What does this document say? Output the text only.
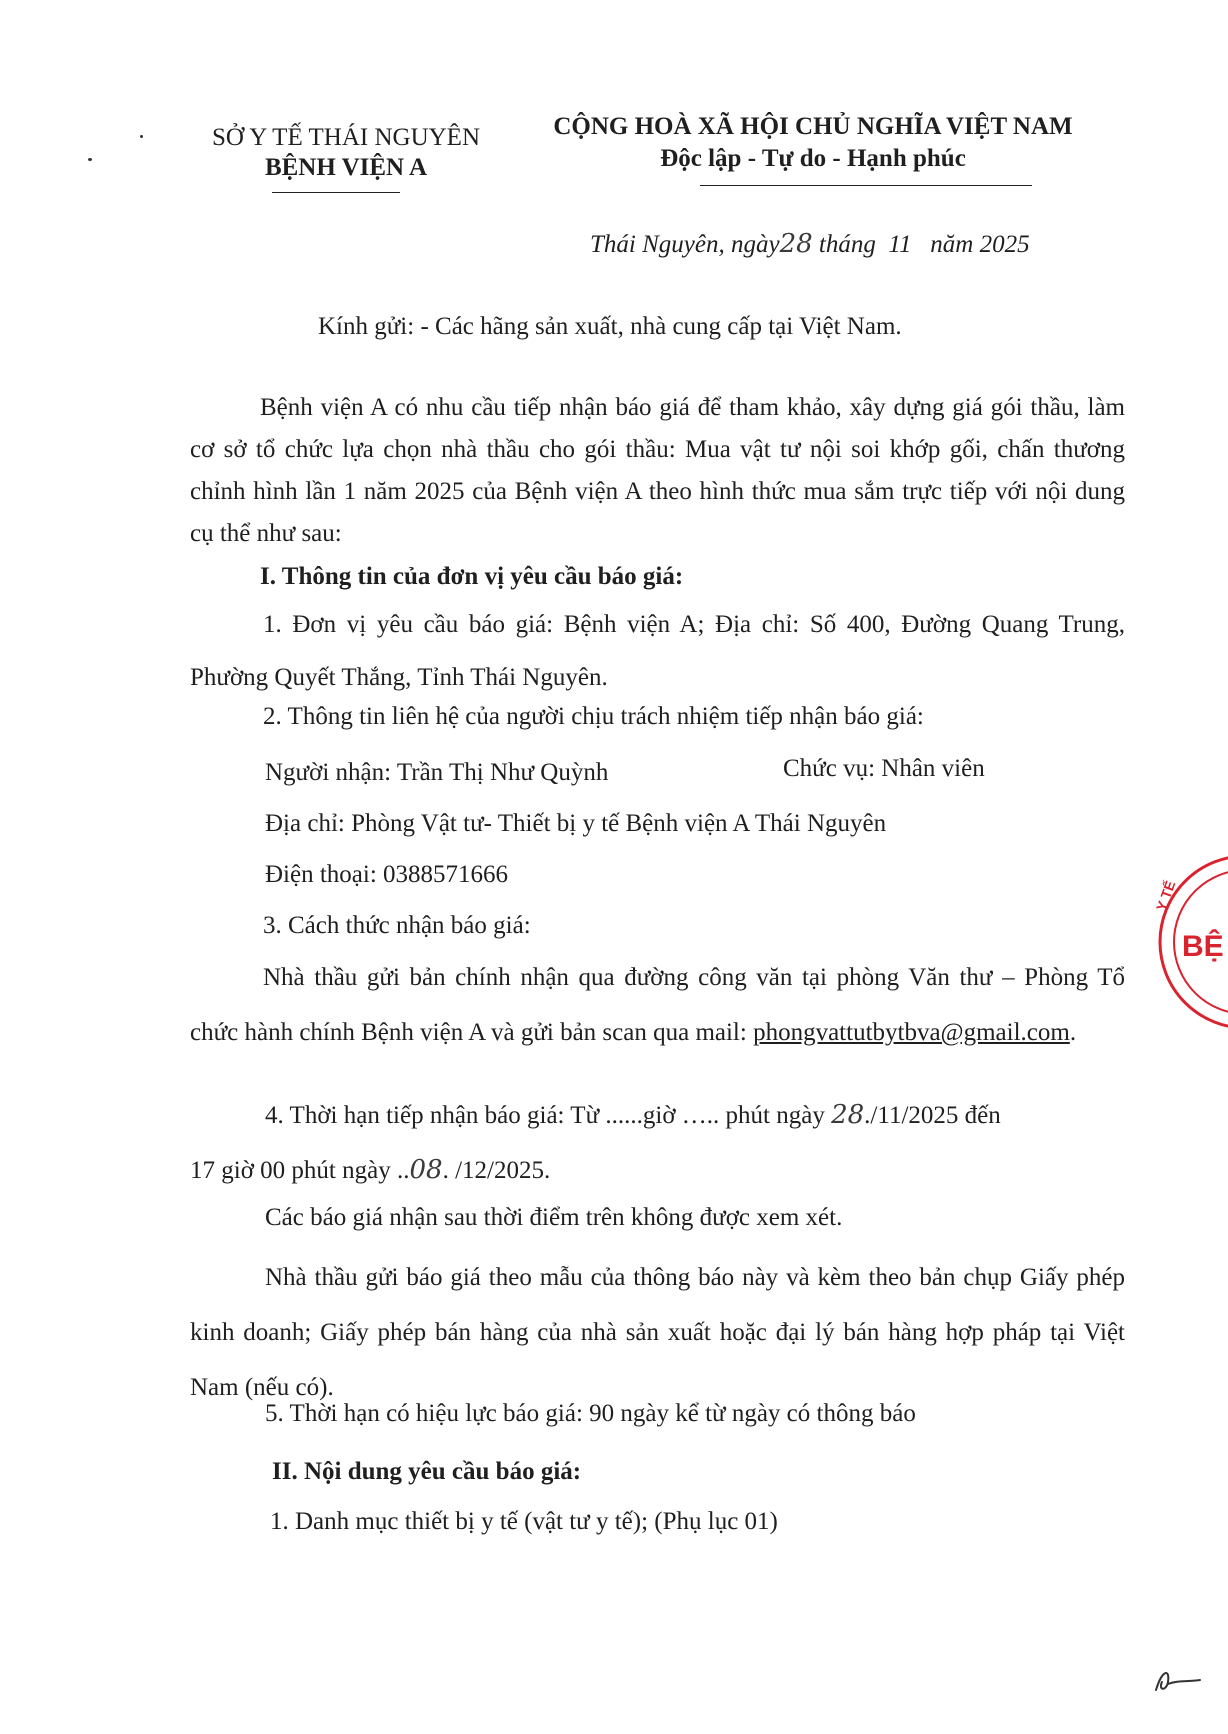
SỞ Y TẾ THÁI NGUYÊN
BỆNH VIỆN A
CỘNG HOÀ XÃ HỘI CHỦ NGHĨA VIỆT NAM
Độc lập - Tự do - Hạnh phúc
Thái Nguyên, ngày28 tháng 11 năm 2025
Kính gửi: - Các hãng sản xuất, nhà cung cấp tại Việt Nam.
Bệnh viện A có nhu cầu tiếp nhận báo giá để tham khảo, xây dựng giá gói thầu, làm cơ sở tổ chức lựa chọn nhà thầu cho gói thầu: Mua vật tư nội soi khớp gối, chấn thương chỉnh hình lần 1 năm 2025 của Bệnh viện A theo hình thức mua sắm trực tiếp với nội dung cụ thể như sau:
I. Thông tin của đơn vị yêu cầu báo giá:
1. Đơn vị yêu cầu báo giá: Bệnh viện A; Địa chỉ: Số 400, Đường Quang Trung, Phường Quyết Thắng, Tỉnh Thái Nguyên.
2. Thông tin liên hệ của người chịu trách nhiệm tiếp nhận báo giá:
Người nhận: Trần Thị Như Quỳnh	Chức vụ: Nhân viên
Địa chỉ: Phòng Vật tư- Thiết bị y tế Bệnh viện A Thái Nguyên
Điện thoại: 0388571666
3. Cách thức nhận báo giá:
Nhà thầu gửi bản chính nhận qua đường công văn tại phòng Văn thư – Phòng Tổ chức hành chính Bệnh viện A và gửi bản scan qua mail: phongvattutbytbva@gmail.com.
4. Thời hạn tiếp nhận báo giá: Từ ......giờ ….. phút ngày 28./11/2025 đến
17 giờ 00 phút ngày ..08. /12/2025.
Các báo giá nhận sau thời điểm trên không được xem xét.
Nhà thầu gửi báo giá theo mẫu của thông báo này và kèm theo bản chụp Giấy phép kinh doanh; Giấy phép bán hàng của nhà sản xuất hoặc đại lý bán hàng hợp pháp tại Việt Nam (nếu có).
5. Thời hạn có hiệu lực báo giá: 90 ngày kể từ ngày có thông báo
II. Nội dung yêu cầu báo giá:
1. Danh mục thiết bị y tế (vật tư y tế); (Phụ lục 01)
BỆ
Y TẾ
